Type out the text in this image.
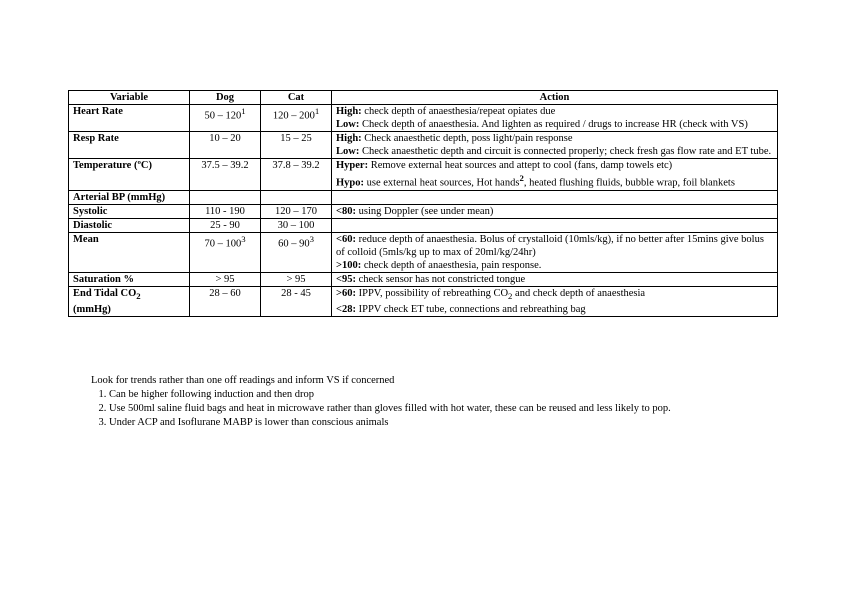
Variable	Dog	Cat	Action
Heart Rate	$50 - 120^1$	$120 - 200^1$	High: check depth of anaesthesia/repeat opiates due
Low: Check depth of anaesthesia. And lighten as required / drugs to increase HR (check with VS)

Resp Rate	10 – 20	15 – 25	High: Check anaesthetic depth, poss light/pain response
Low: Check anaesthetic depth and circuit is connected properly; check fresh gas flow rate and ET tube.

Temperature (ºC)	37.5 – 39.2	37.8 – 39.2	Hyper: Remove external heat sources and attept to cool (fans, damp towels etc)
Hypo: use external heat sources, Hot hands$^2$, heated flushing fluids, bubble wrap, foil blankets

Arterial BP (mmHg)			
Systolic	110 - 190	120 – 170	<80: using Doppler (see under mean)

Diastolic	25 - 90	30 – 100	
Mean	$70 - 100^3$	$60 - 90^3$	<60: reduce depth of anaesthesia. Bolus of crystalloid (10mls/kg), if no better after 15mins give bolus of colloid (5mls/kg up to max of 20ml/kg/24hr)
>100: check depth of anaesthesia, pain response.

Saturation %	> 95	> 95	<95: check sensor has not constricted tongue

End Tidal $CO_2$
(mmHg)	28 – 60	28 - 45	>60: IPPV, possibility of rebreathing $CO_2$ and check depth of anaesthesia
<28: IPPV check ET tube, connections and rebreathing bag

Look for trends rather than one off readings and inform VS if concerned

1. Can be higher following induction and then drop
2. Use 500ml saline fluid bags and heat in microwave rather than gloves filled with hot water, these can be reused and less likely to pop.
3. Under ACP and Isoflurane MABP is lower than conscious animals
